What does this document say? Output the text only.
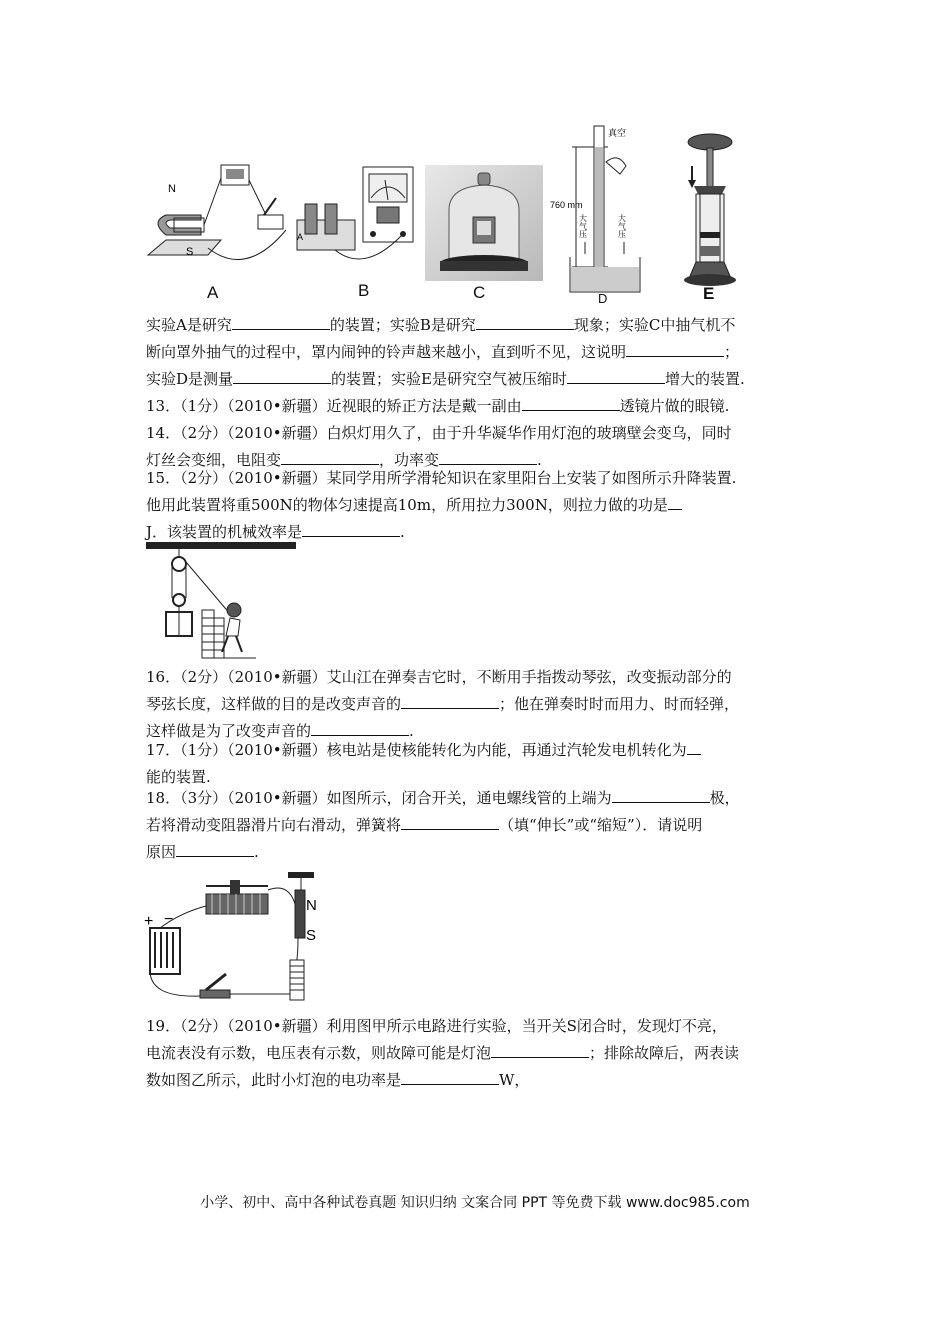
N
S
A
A
B	C
760 mm
真空
大气压	大气压
D	E
实验A是研究	的装置；实验B是研究	现象；实验C中抽气机不
断向罩外抽气的过程中，罩内闹钟的铃声越来越小，直到听不见，这说明	；
实验D是测量	的装置；实验E是研究空气被压缩时	增大的装置.
13．（1分）（2010•新疆）近视眼的矫正方法是戴一副由	透镜片做的眼镜.
14．（2分）（2010•新疆）白炽灯用久了，由于升华凝华作用灯泡的玻璃壁会变乌，同时
灯丝会变细，电阻变	，功率变	.
15．（2分）（2010•新疆）某同学用所学滑轮知识在家里阳台上安装了如图所示升降装置.
他用此装置将重500N的物体匀速提高10m，所用拉力300N，则拉力做的功是
J．该装置的机械效率是	.
16．（2分）（2010•新疆）艾山江在弹奏吉它时，不断用手指拨动琴弦，改变振动部分的
琴弦长度，这样做的目的是改变声音的	；他在弹奏时时而用力、时而轻弹，
这样做是为了改变声音的	.
17．（1分）（2010•新疆）核电站是使核能转化为内能，再通过汽轮发电机转化为
能的装置.
18．（3分）（2010•新疆）如图所示，闭合开关，通电螺线管的上端为	极，
若将滑动变阻器滑片向右滑动，弹簧将	（填“伸长”或“缩短”）．请说明
原因	.
+ −
N
S
19．（2分）（2010•新疆）利用图甲所示电路进行实验，当开关S闭合时，发现灯不亮，
电流表没有示数，电压表有示数，则故障可能是灯泡	；排除故障后，两表读
数如图乙所示，此时小灯泡的电功率是	W，
小学、初中、高中各种试卷真题 知识归纳 文案合同 PPT 等免费下载 www.doc985.com
